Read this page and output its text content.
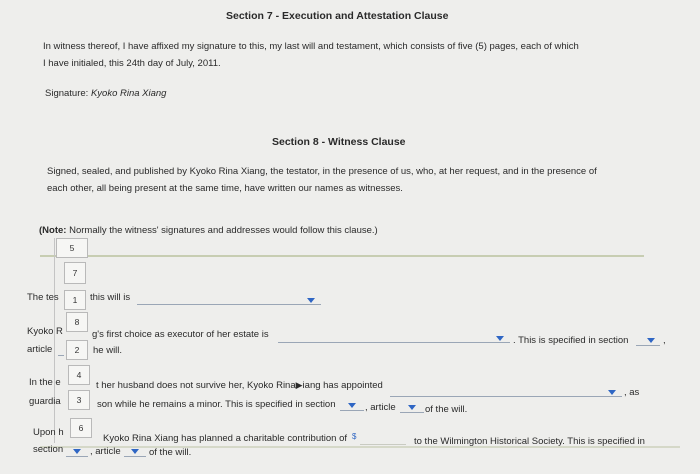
Section 7 - Execution and Attestation Clause
In witness thereof, I have affixed my signature to this, my last will and testament, which consists of five (5) pages, each of which
I have initialed, this 24th day of July, 2011.
Signature: Kyoko Rina Xiang
Section 8 - Witness Clause
Signed, sealed, and published by Kyoko Rina Xiang, the testator, in the presence of us, who, at her request, and in the presence of
each other, all being present at the same time, have written our names as witnesses.
(Note: Normally the witness' signatures and addresses would follow this clause.)
5
7
1
8
2
4
3
6
The tes	this will is
Kyoko R	g's first choice as executor of her estate is
. This is specified in section	,
article	he will.
In the e	t her husband does not survive her, Kyoko Rina▶iang has appointed
, as
guardia	son while he remains a minor. This is specified in section	, article	of the will.
Upon h
Kyoko Rina Xiang has planned a charitable contribution of $	to the Wilmington Historical Society. This is specified in
section	, article	of the will.
